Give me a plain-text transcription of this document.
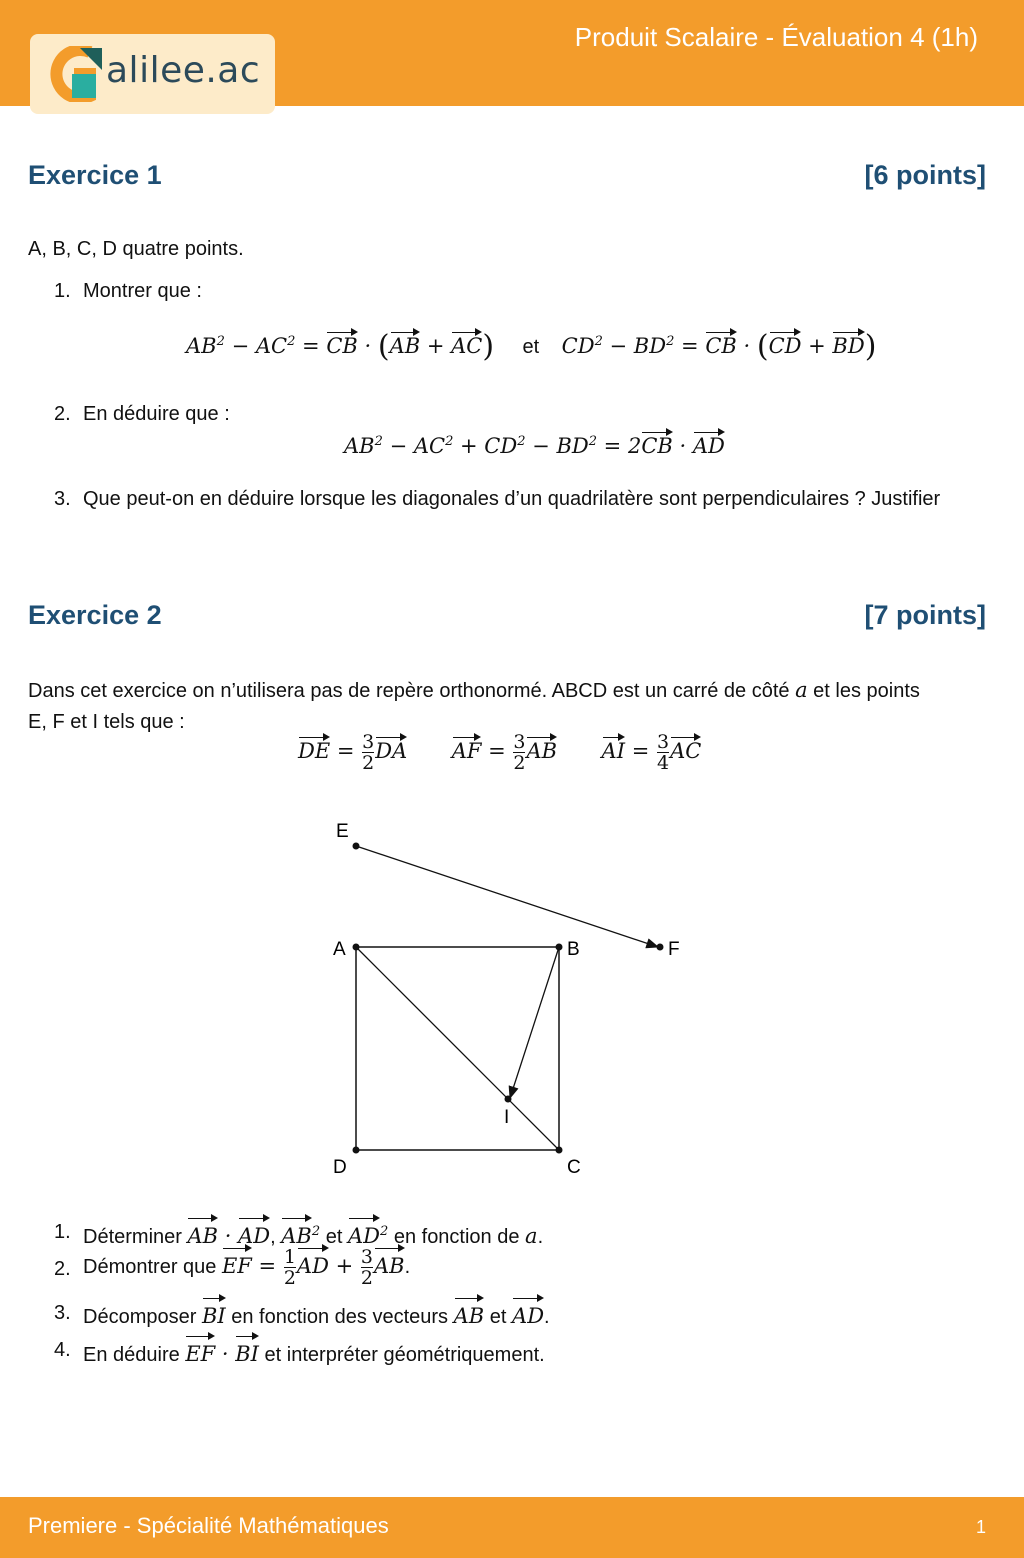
alilee.ac
Produit Scalaire - Évaluation 4 (1h)
Exercice 1	[6 points]
A, B, C, D quatre points.
1. Montrer que :
$AB^2 - AC^2$ = CB · (AB + AC) et $CD^2 - BD^2$ = CB · (CD + BD)
2. En déduire que :
$AB^2 - AC^2 + CD^2 - BD^2 = 2CB$ · AD
3. Que peut-on en déduire lorsque les diagonales d’un quadrilatère sont perpendiculaires ? Justifier
Exercice 2	[7 points]
Dans cet exercice on n’utilisera pas de repère orthonormé. ABCD est un carré de côté a et les points
E, F et I tels que :
DE = $\frac{3}{2}$ DA AF = $\frac{3}{2}$ AB AI = $\frac{3}{4}$ AC
E
F
A	B
C
D
I
1. Déterminer AB · AD, $AB^2$ et $AD^2$ en fonction de a.
2. Démontrer que EF = $\frac{1}{2}$ AD + $\frac{3}{2}$ AB.
3. Décomposer BI en fonction des vecteurs AB et AD.
4. En déduire EF · BI et interpréter géométriquement.
Premiere - Spécialité Mathématiques	1
